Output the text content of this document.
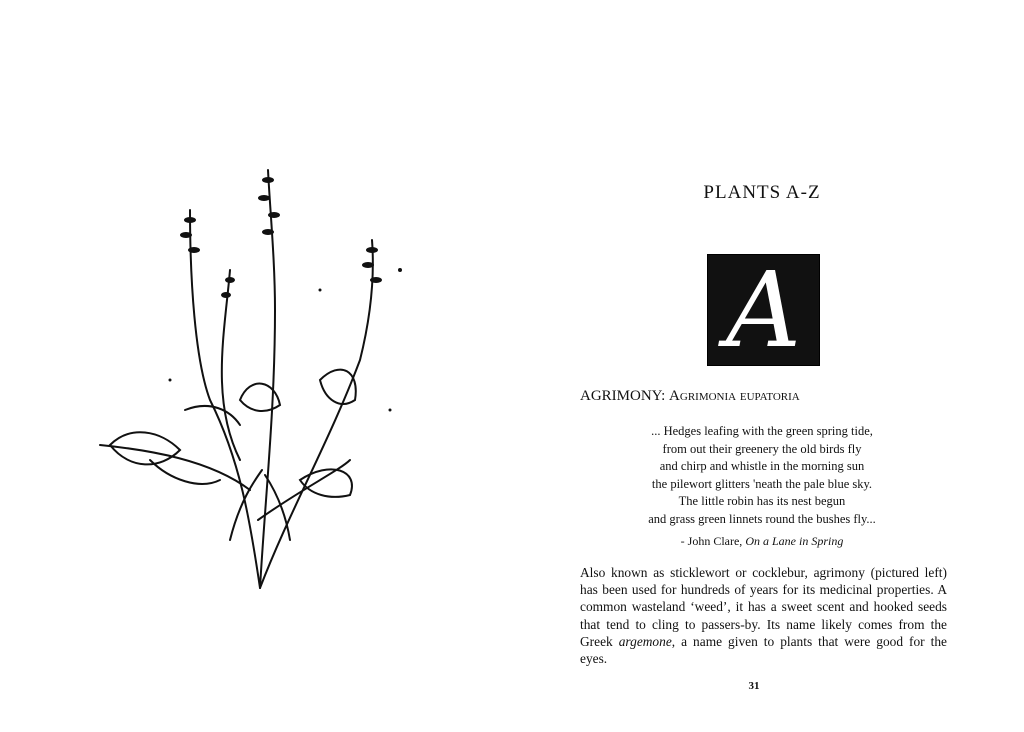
PLANTS A-Z
A
AGRIMONY: Agrimonia eupatoria
... Hedges leafing with the green spring tide,
from out their greenery the old birds fly
and chirp and whistle in the morning sun
the pilewort glitters 'neath the pale blue sky.
The little robin has its nest begun
and grass green linnets round the bushes fly...
- John Clare, On a Lane in Spring
Also known as sticklewort or cocklebur, agrimony (pictured left) has been used for hundreds of years for its medicinal properties. A common wasteland ‘weed’, it has a sweet scent and hooked seeds that tend to cling to passers-by. Its name likely comes from the Greek argemone, a name given to plants that were good for the eyes.
31
